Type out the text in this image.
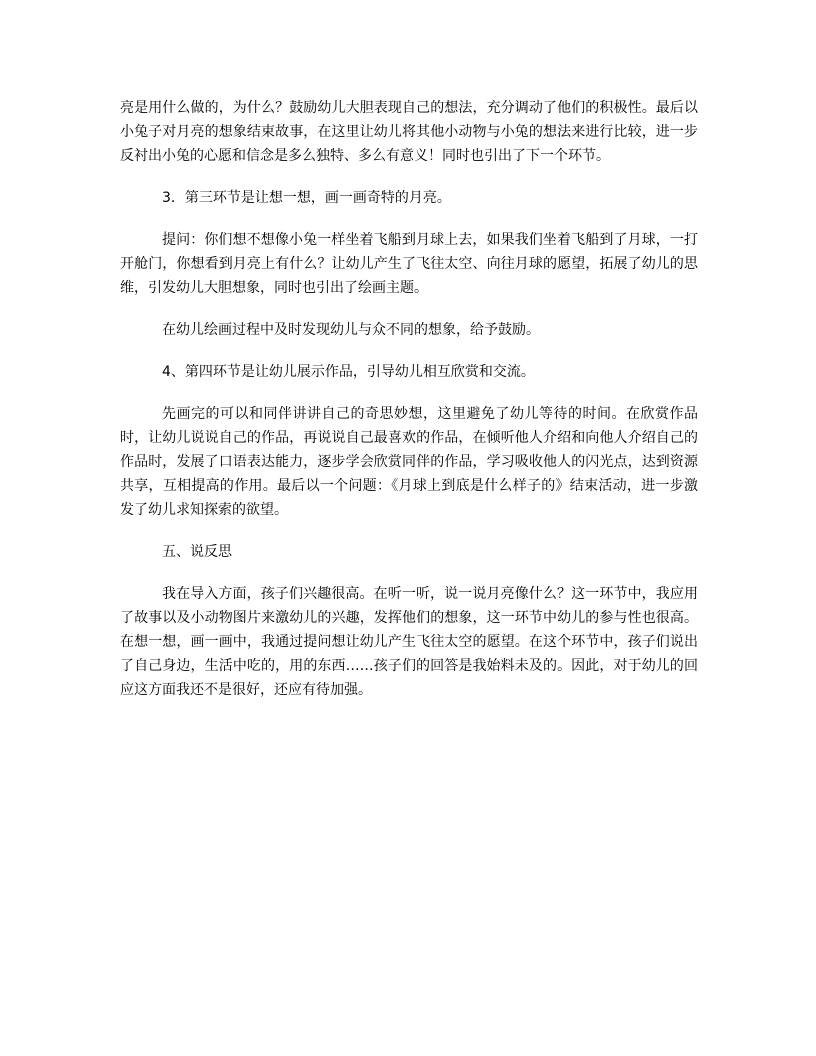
亮是用什么做的，为什么？鼓励幼儿大胆表现自己的想法，充分调动了他们的积极性。最后以小兔子对月亮的想象结束故事，在这里让幼儿将其他小动物与小兔的想法来进行比较，进一步反衬出小兔的心愿和信念是多么独特、多么有意义！同时也引出了下一个环节。

3．第三环节是让想一想，画一画奇特的月亮。

提问：你们想不想像小兔一样坐着飞船到月球上去，如果我们坐着飞船到了月球，一打开舱门，你想看到月亮上有什么？让幼儿产生了飞往太空、向往月球的愿望，拓展了幼儿的思维，引发幼儿大胆想象，同时也引出了绘画主题。

在幼儿绘画过程中及时发现幼儿与众不同的想象，给予鼓励。

4、第四环节是让幼儿展示作品，引导幼儿相互欣赏和交流。

先画完的可以和同伴讲讲自己的奇思妙想，这里避免了幼儿等待的时间。在欣赏作品时，让幼儿说说自己的作品，再说说自己最喜欢的作品，在倾听他人介绍和向他人介绍自己的作品时，发展了口语表达能力，逐步学会欣赏同伴的作品，学习吸收他人的闪光点，达到资源共享，互相提高的作用。最后以一个问题：《月球上到底是什么样子的》结束活动，进一步激发了幼儿求知探索的欲望。

五、说反思

我在导入方面，孩子们兴趣很高。在听一听，说一说月亮像什么？这一环节中，我应用了故事以及小动物图片来激幼儿的兴趣，发挥他们的想象，这一环节中幼儿的参与性也很高。在想一想，画一画中，我通过提问想让幼儿产生飞往太空的愿望。在这个环节中，孩子们说出了自己身边，生活中吃的，用的东西……孩子们的回答是我始料未及的。因此，对于幼儿的回应这方面我还不是很好，还应有待加强。
